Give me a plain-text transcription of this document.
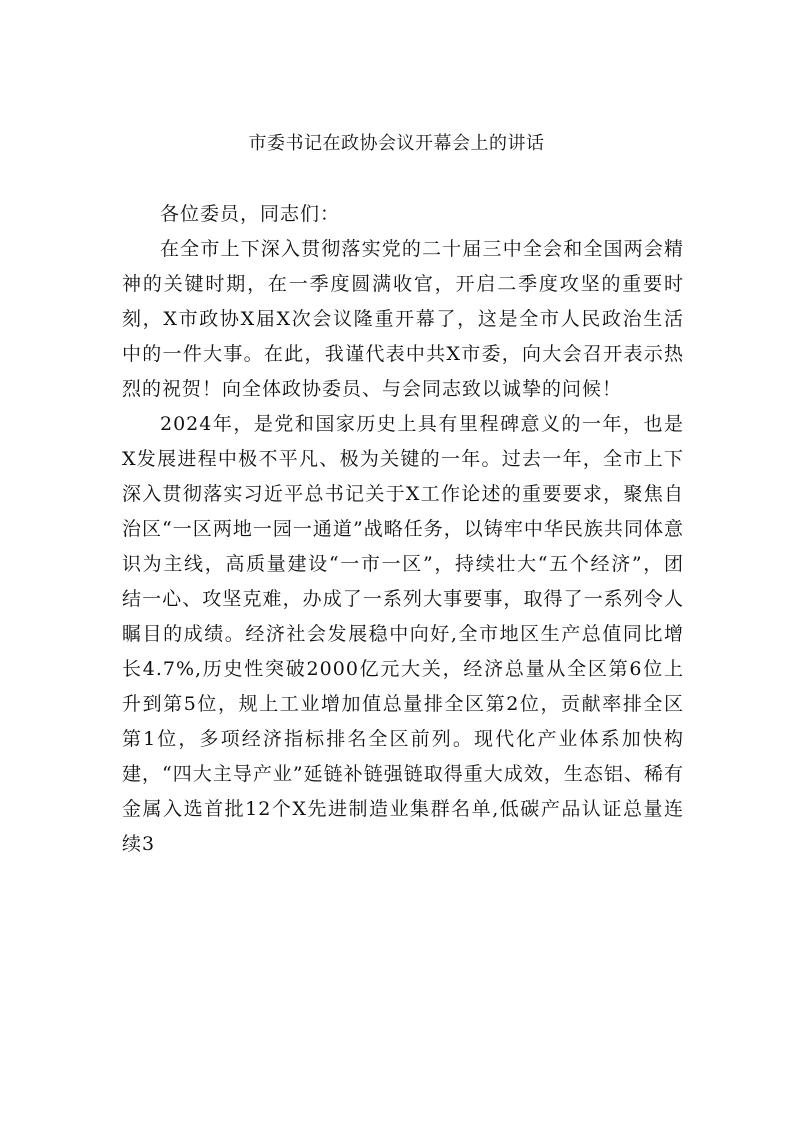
市委书记在政协会议开幕会上的讲话

各位委员，同志们：

在全市上下深入贯彻落实党的二十届三中全会和全国两会精神的关键时期，在一季度圆满收官，开启二季度攻坚的重要时刻，X市政协X届X次会议隆重开幕了，这是全市人民政治生活中的一件大事。在此，我谨代表中共X市委，向大会召开表示热烈的祝贺！向全体政协委员、与会同志致以诚挚的问候！

2024年，是党和国家历史上具有里程碑意义的一年，也是X发展进程中极不平凡、极为关键的一年。过去一年，全市上下深入贯彻落实习近平总书记关于X工作论述的重要要求，聚焦自治区“一区两地一园一通道”战略任务，以铸牢中华民族共同体意识为主线，高质量建设“一市一区”，持续壮大“五个经济”，团结一心、攻坚克难，办成了一系列大事要事，取得了一系列令人瞩目的成绩。经济社会发展稳中向好,全市地区生产总值同比增长4.7%,历史性突破2000亿元大关，经济总量从全区第6位上升到第5位，规上工业增加值总量排全区第2位，贡献率排全区第1位，多项经济指标排名全区前列。现代化产业体系加快构建，“四大主导产业”延链补链强链取得重大成效，生态铝、稀有金属入选首批12个X先进制造业集群名单,低碳产品认证总量连续3
